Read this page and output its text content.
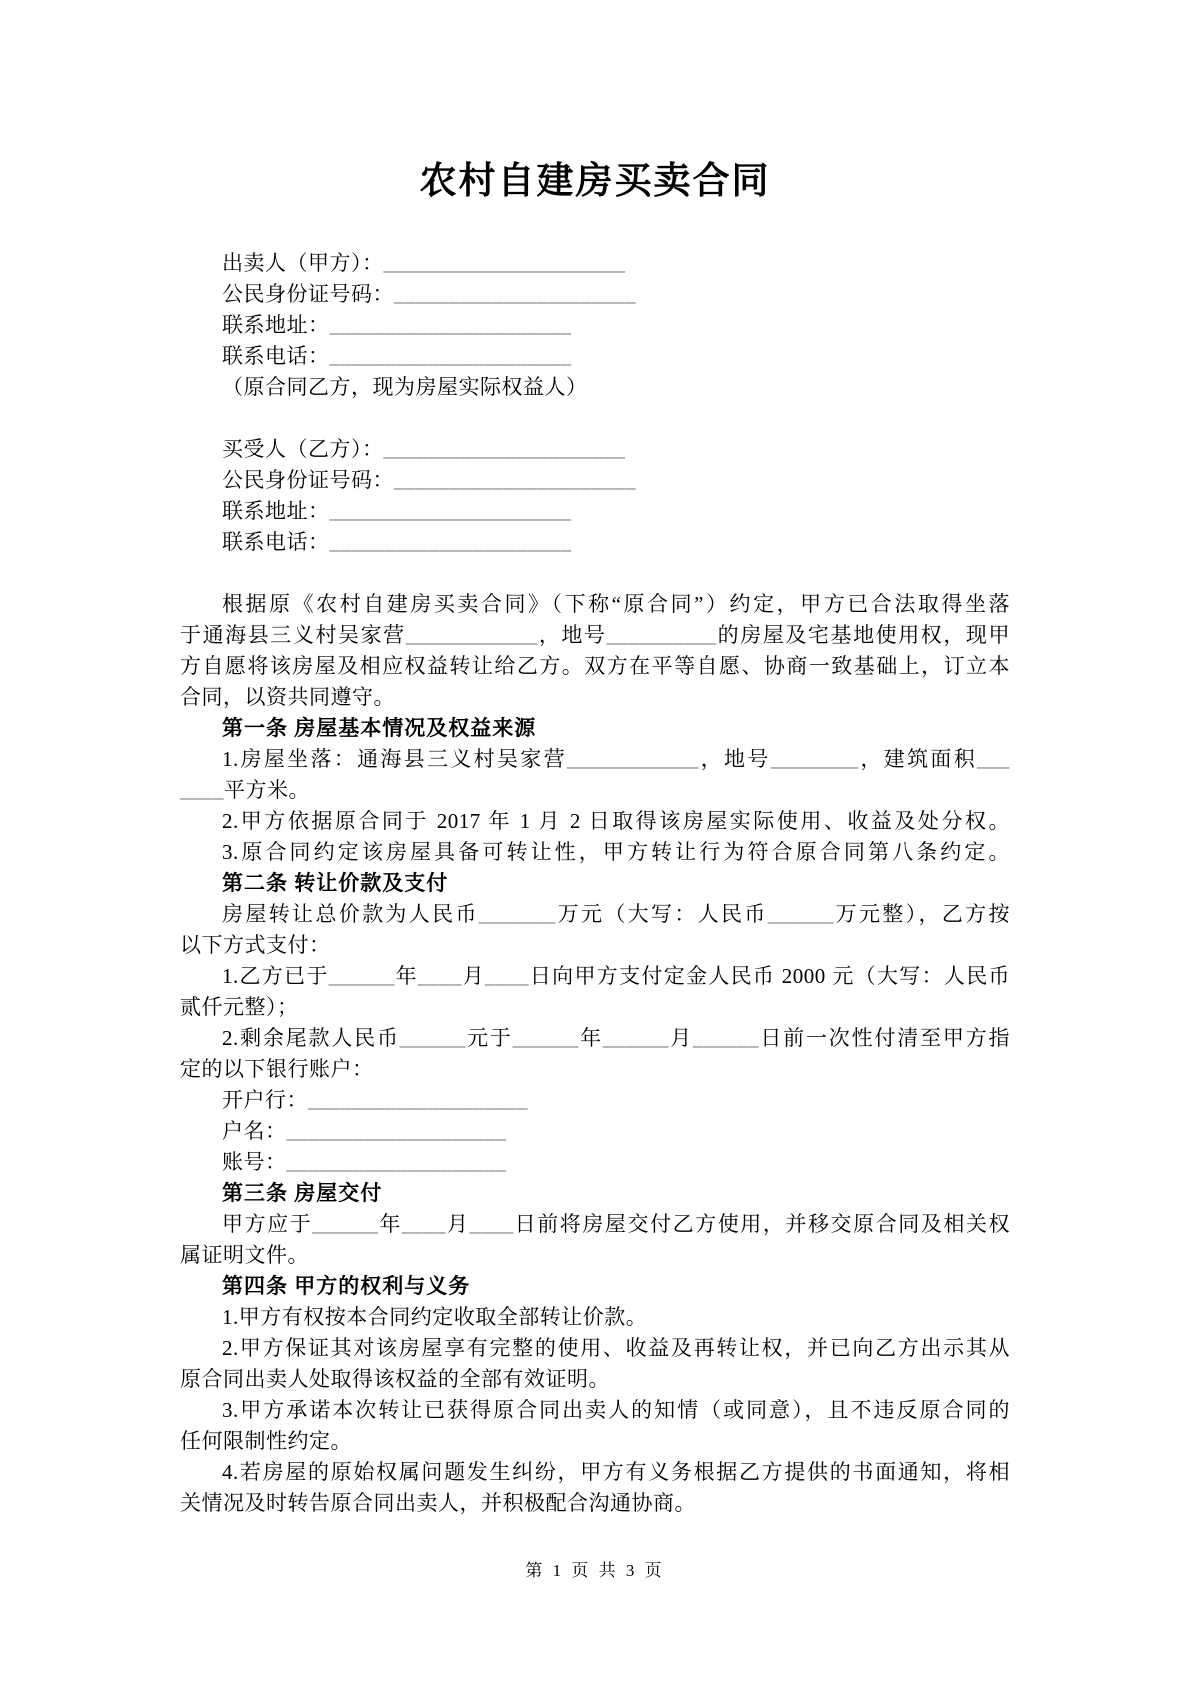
农村自建房买卖合同
出卖人（甲方）：______________________
公民身份证号码：______________________
联系地址：______________________
联系电话：______________________
（原合同乙方，现为房屋实际权益人）
买受人（乙方）：______________________
公民身份证号码：______________________
联系地址：______________________
联系电话：______________________
根据原《农村自建房买卖合同》（下称“原合同”）约定，甲方已合法取得坐落
于通海县三义村吴家营____________，地号__________的房屋及宅基地使用权，现甲
方自愿将该房屋及相应权益转让给乙方。双方在平等自愿、协商一致基础上，订立本
合同，以资共同遵守。
第一条 房屋基本情况及权益来源
1.房屋坐落：通海县三义村吴家营____________，地号________，建筑面积___
____平方米。
2.甲方依据原合同于 2017 年 1 月 2 日取得该房屋实际使用、收益及处分权。
3.原合同约定该房屋具备可转让性，甲方转让行为符合原合同第八条约定。
第二条 转让价款及支付
房屋转让总价款为人民币_______万元（大写：人民币______万元整），乙方按
以下方式支付：
1.乙方已于______年____月____日向甲方支付定金人民币 2000 元（大写：人民币
贰仟元整）；
2.剩余尾款人民币______元于______年______月______日前一次性付清至甲方指
定的以下银行账户：
开户行：____________________
户名：____________________
账号：____________________
第三条 房屋交付
甲方应于______年____月____日前将房屋交付乙方使用，并移交原合同及相关权
属证明文件。
第四条 甲方的权利与义务
1.甲方有权按本合同约定收取全部转让价款。
2.甲方保证其对该房屋享有完整的使用、收益及再转让权，并已向乙方出示其从
原合同出卖人处取得该权益的全部有效证明。
3.甲方承诺本次转让已获得原合同出卖人的知情（或同意），且不违反原合同的
任何限制性约定。
4.若房屋的原始权属问题发生纠纷，甲方有义务根据乙方提供的书面通知，将相
关情况及时转告原合同出卖人，并积极配合沟通协商。
第 1 页 共 3 页
